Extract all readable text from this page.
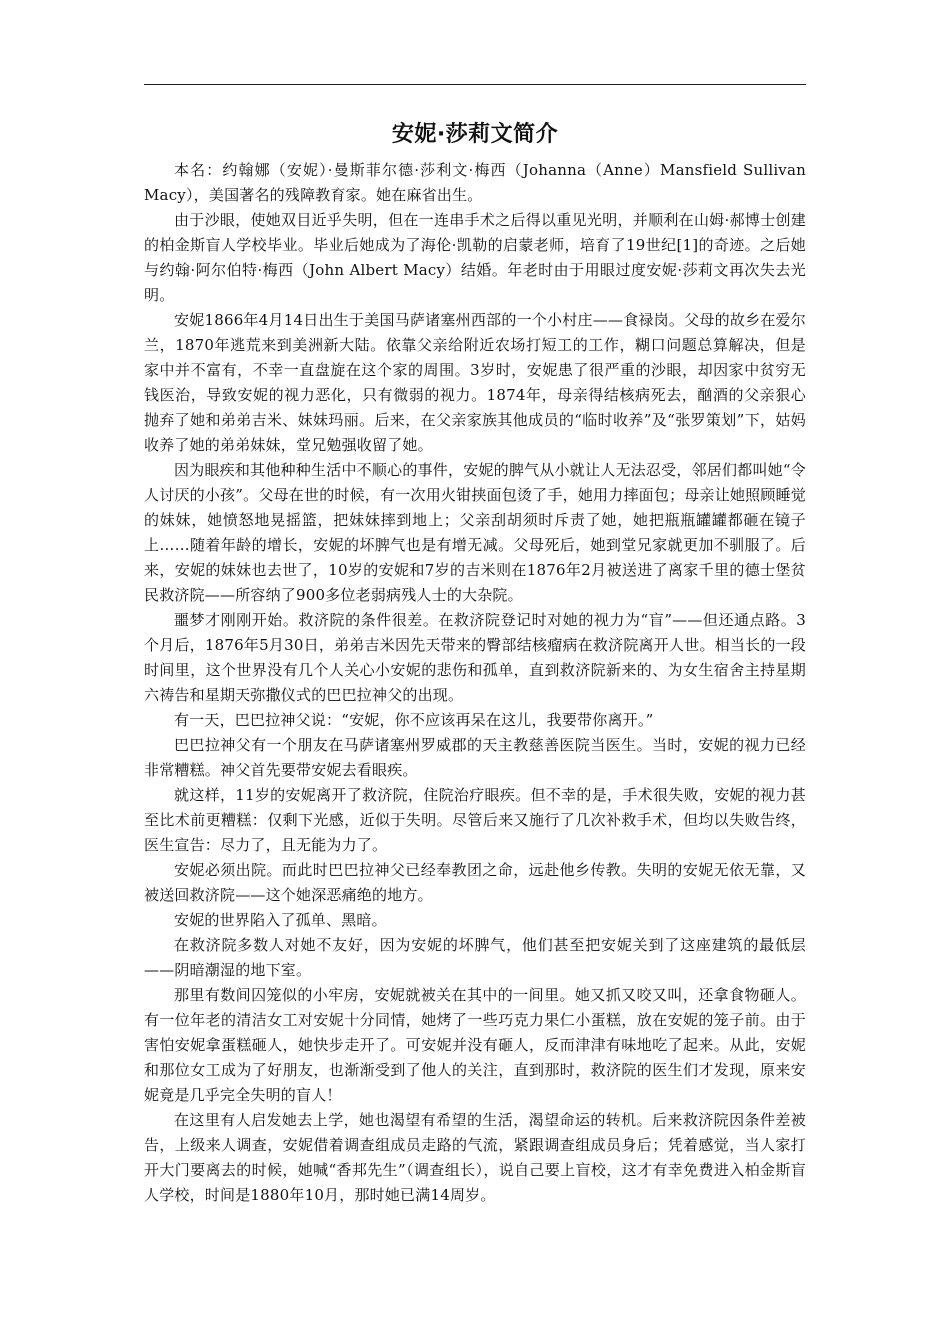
安妮·莎莉文简介

本名：约翰娜（安妮）·曼斯菲尔德·莎利文·梅西（Johanna（Anne）Mansfield Sullivan Macy），美国著名的残障教育家。她在麻省出生。

由于沙眼，使她双目近乎失明，但在一连串手术之后得以重见光明，并顺利在山姆·郝博士创建的柏金斯盲人学校毕业。毕业后她成为了海伦·凯勒的启蒙老师，培育了19世纪[1]的奇迹。之后她与约翰·阿尔伯特·梅西（John Albert Macy）结婚。年老时由于用眼过度安妮·莎莉文再次失去光明。

安妮1866年4月14日出生于美国马萨诸塞州西部的一个小村庄——食禄岗。父母的故乡在爱尔兰，1870年逃荒来到美洲新大陆。依靠父亲给附近农场打短工的工作，糊口问题总算解决，但是家中并不富有，不幸一直盘旋在这个家的周围。3岁时，安妮患了很严重的沙眼，却因家中贫穷无钱医治，导致安妮的视力恶化，只有微弱的视力。1874年，母亲得结核病死去，酗酒的父亲狠心抛弃了她和弟弟吉米、妹妹玛丽。后来，在父亲家族其他成员的“临时收养”及“张罗策划”下，姑妈收养了她的弟弟妹妹，堂兄勉强收留了她。

因为眼疾和其他种种生活中不顺心的事件，安妮的脾气从小就让人无法忍受，邻居们都叫她“令人讨厌的小孩”。父母在世的时候，有一次用火钳挟面包烫了手，她用力摔面包；母亲让她照顾睡觉的妹妹，她愤怒地晃摇篮，把妹妹摔到地上；父亲刮胡须时斥责了她，她把瓶瓶罐罐都砸在镜子上……随着年龄的增长，安妮的坏脾气也是有增无减。父母死后，她到堂兄家就更加不驯服了。后来，安妮的妹妹也去世了，10岁的安妮和7岁的吉米则在1876年2月被送进了离家千里的德士堡贫民救济院——所容纳了900多位老弱病残人士的大杂院。

噩梦才刚刚开始。救济院的条件很差。在救济院登记时对她的视力为“盲”——但还通点路。3个月后，1876年5月30日，弟弟吉米因先天带来的臀部结核瘤病在救济院离开人世。相当长的一段时间里，这个世界没有几个人关心小安妮的悲伤和孤单，直到救济院新来的、为女生宿舍主持星期六祷告和星期天弥撒仪式的巴巴拉神父的出现。

有一天，巴巴拉神父说：“安妮，你不应该再呆在这儿，我要带你离开。”

巴巴拉神父有一个朋友在马萨诸塞州罗威郡的天主教慈善医院当医生。当时，安妮的视力已经非常糟糕。神父首先要带安妮去看眼疾。

就这样，11岁的安妮离开了救济院，住院治疗眼疾。但不幸的是，手术很失败，安妮的视力甚至比术前更糟糕：仅剩下光感，近似于失明。尽管后来又施行了几次补救手术，但均以失败告终，医生宣告：尽力了，且无能为力了。

安妮必须出院。而此时巴巴拉神父已经奉教团之命，远赴他乡传教。失明的安妮无依无靠，又被送回救济院——这个她深恶痛绝的地方。

安妮的世界陷入了孤单、黑暗。

在救济院多数人对她不友好，因为安妮的坏脾气，他们甚至把安妮关到了这座建筑的最低层——阴暗潮湿的地下室。

那里有数间囚笼似的小牢房，安妮就被关在其中的一间里。她又抓又咬又叫，还拿食物砸人。有一位年老的清洁女工对安妮十分同情，她烤了一些巧克力果仁小蛋糕，放在安妮的笼子前。由于害怕安妮拿蛋糕砸人，她快步走开了。可安妮并没有砸人，反而津津有味地吃了起来。从此，安妮和那位女工成为了好朋友，也渐渐受到了他人的关注，直到那时，救济院的医生们才发现，原来安妮竟是几乎完全失明的盲人！

在这里有人启发她去上学，她也渴望有希望的生活，渴望命运的转机。后来救济院因条件差被告，上级来人调查，安妮借着调查组成员走路的气流，紧跟调查组成员身后；凭着感觉，当人家打开大门要离去的时候，她喊“香邦先生”（调查组长），说自己要上盲校，这才有幸免费进入柏金斯盲人学校，时间是1880年10月，那时她已满14周岁。
